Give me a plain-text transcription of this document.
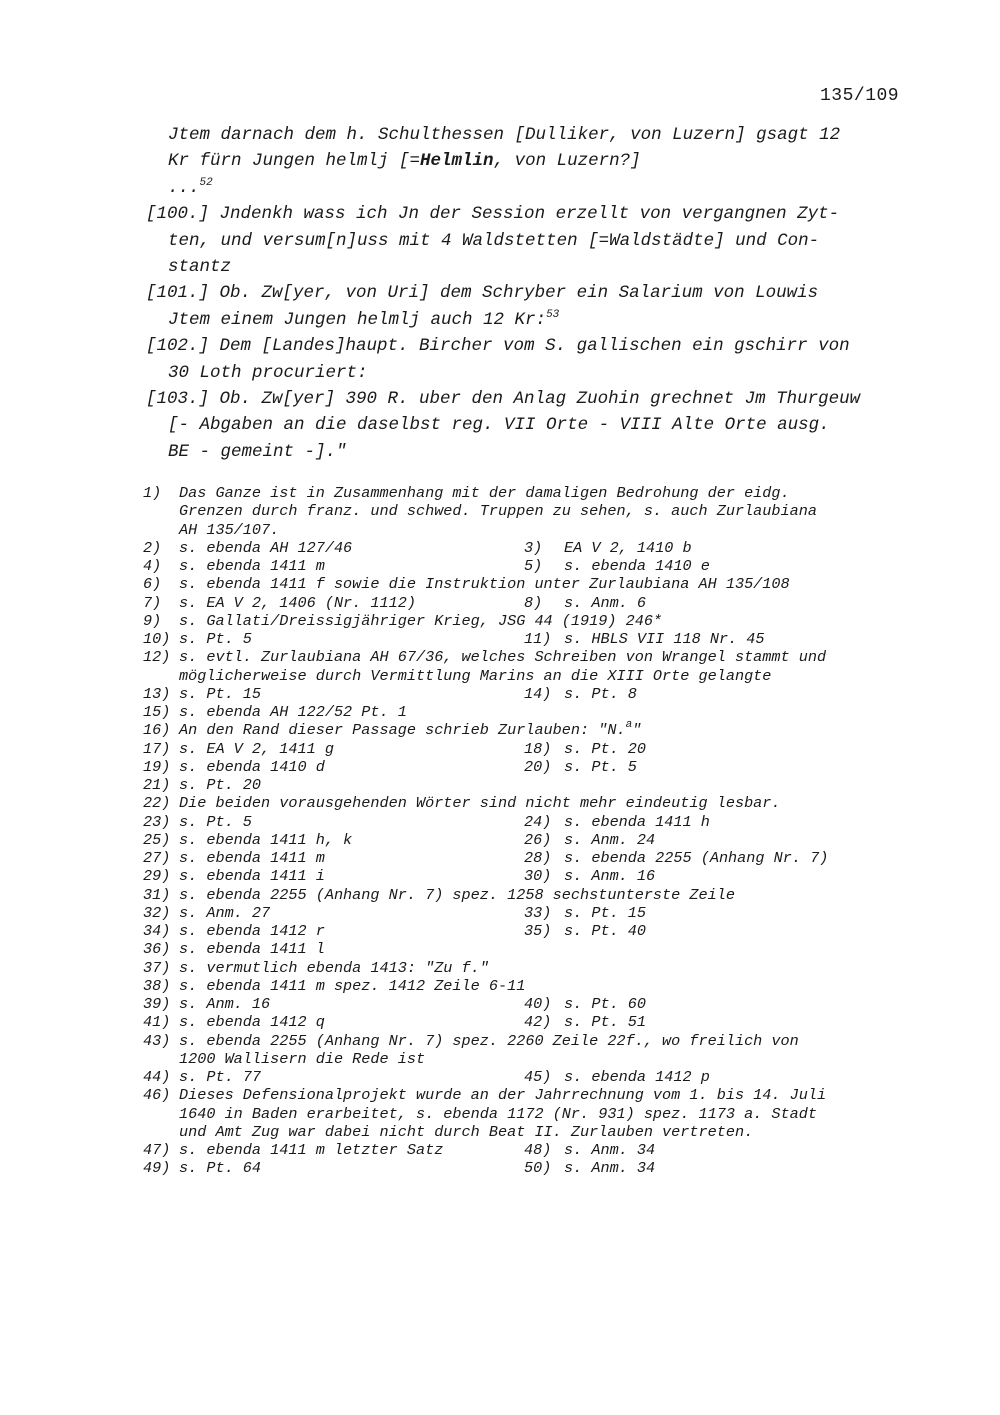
135/109
Jtem darnach dem h. Schulthessen [Dulliker, von Luzern] gsagt 12
Kr fürn Jungen helmlj [=Helmlin, von Luzern?]
...$^{52}$
[100.] Jndenkh wass ich Jn der Session erzellt von vergangnen Zyt-
ten, und versum[n]uss mit 4 Waldstetten [=Waldstädte] und Con-
stantz
[101.] Ob. Zw[yer, von Uri] dem Schryber ein Salarium von Louwis
Jtem einem Jungen helmlj auch 12 Kr:$^{53}$
[102.] Dem [Landes]haupt. Bircher vom S. gallischen ein gschirr von
30 Loth procuriert:
[103.] Ob. Zw[yer] 390 R. uber den Anlag Zuohin grechnet Jm Thurgeuw
[- Abgaben an die daselbst reg. VII Orte - VIII Alte Orte ausg.
BE - gemeint -]."
1)	Das Ganze ist in Zusammenhang mit der damaligen Bedrohung der eidg.
Grenzen durch franz. und schwed. Truppen zu sehen, s. auch Zurlaubiana
AH 135/107.
2)	s. ebenda AH 127/46	3)	EA V 2, 1410 b
4)	s. ebenda 1411 m	5)	s. ebenda 1410 e
6)	s. ebenda 1411 f sowie die Instruktion unter Zurlaubiana AH 135/108
7)	s. EA V 2, 1406 (Nr. 1112)	8)	s. Anm. 6
9)	s. Gallati/Dreissigjähriger Krieg, JSG 44 (1919) 246*
10) s. Pt. 5	11) s. HBLS VII 118 Nr. 45
12) s. evtl. Zurlaubiana AH 67/36, welches Schreiben von Wrangel stammt und
möglicherweise durch Vermittlung Marins an die XIII Orte gelangte
13) s. Pt. 15	14) s. Pt. 8
15) s. ebenda AH 122/52 Pt. 1
16) An den Rand dieser Passage schrieb Zurlauben: "N.$^a$"
17) s. EA V 2, 1411 g	18) s. Pt. 20
19) s. ebenda 1410 d	20) s. Pt. 5
21) s. Pt. 20
22) Die beiden vorausgehenden Wörter sind nicht mehr eindeutig lesbar.
23) s. Pt. 5	24) s. ebenda 1411 h
25) s. ebenda 1411 h, k	26) s. Anm. 24
27) s. ebenda 1411 m	28) s. ebenda 2255 (Anhang Nr. 7)
29) s. ebenda 1411 i	30) s. Anm. 16
31) s. ebenda 2255 (Anhang Nr. 7) spez. 1258 sechstunterste Zeile
32) s. Anm. 27	33) s. Pt. 15
34) s. ebenda 1412 r	35) s. Pt. 40
36) s. ebenda 1411 l
37) s. vermutlich ebenda 1413: "Zu f."
38) s. ebenda 1411 m spez. 1412 Zeile 6-11
39) s. Anm. 16	40) s. Pt. 60
41) s. ebenda 1412 q	42) s. Pt. 51
43) s. ebenda 2255 (Anhang Nr. 7) spez. 2260 Zeile 22f., wo freilich von
1200 Wallisern die Rede ist
44) s. Pt. 77	45) s. ebenda 1412 p
46) Dieses Defensionalprojekt wurde an der Jahrrechnung vom 1. bis 14. Juli
1640 in Baden erarbeitet, s. ebenda 1172 (Nr. 931) spez. 1173 a. Stadt
und Amt Zug war dabei nicht durch Beat II. Zurlauben vertreten.
47) s. ebenda 1411 m letzter Satz	48) s. Anm. 34
49) s. Pt. 64	50) s. Anm. 34
